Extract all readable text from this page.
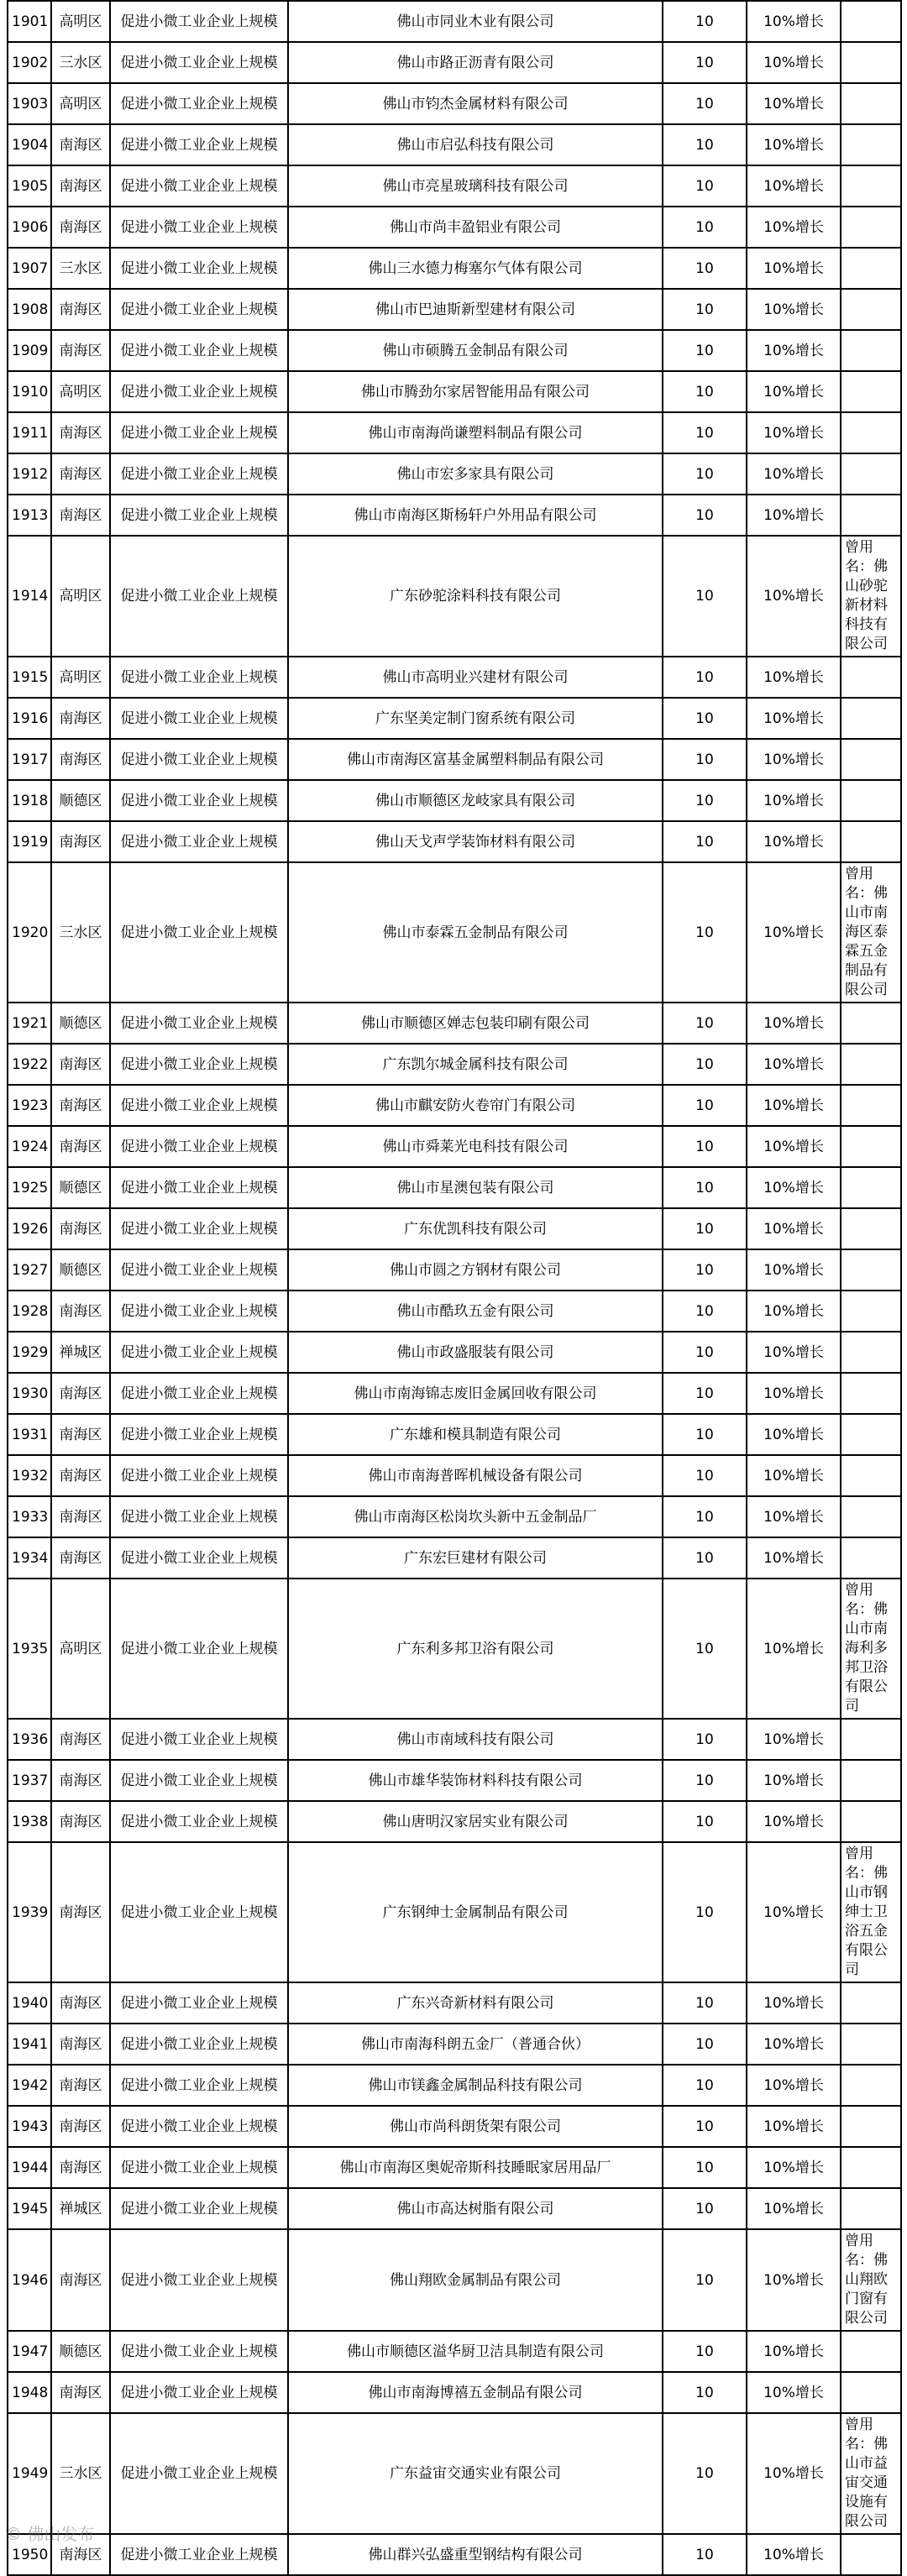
1901	高明区	促进小微工业企业上规模	佛山市同业木业有限公司	10	10%增长	
1902	三水区	促进小微工业企业上规模	佛山市路正沥青有限公司	10	10%增长	
1903	高明区	促进小微工业企业上规模	佛山市钧杰金属材料有限公司	10	10%增长	
1904	南海区	促进小微工业企业上规模	佛山市启弘科技有限公司	10	10%增长	
1905	南海区	促进小微工业企业上规模	佛山市亮星玻璃科技有限公司	10	10%增长	
1906	南海区	促进小微工业企业上规模	佛山市尚丰盈铝业有限公司	10	10%增长	
1907	三水区	促进小微工业企业上规模	佛山三水德力梅塞尔气体有限公司	10	10%增长	
1908	南海区	促进小微工业企业上规模	佛山市巴迪斯新型建材有限公司	10	10%增长	
1909	南海区	促进小微工业企业上规模	佛山市硕腾五金制品有限公司	10	10%增长	
1910	高明区	促进小微工业企业上规模	佛山市腾劲尔家居智能用品有限公司	10	10%增长	
1911	南海区	促进小微工业企业上规模	佛山市南海尚谦塑料制品有限公司	10	10%增长	
1912	南海区	促进小微工业企业上规模	佛山市宏多家具有限公司	10	10%增长	
1913	南海区	促进小微工业企业上规模	佛山市南海区斯杨轩户外用品有限公司	10	10%增长	
1914	高明区	促进小微工业企业上规模	广东砂驼涂料科技有限公司	10	10%增长	曾用名：佛山砂驼新材料科技有限公司
1915	高明区	促进小微工业企业上规模	佛山市高明业兴建材有限公司	10	10%增长	
1916	南海区	促进小微工业企业上规模	广东坚美定制门窗系统有限公司	10	10%增长	
1917	南海区	促进小微工业企业上规模	佛山市南海区富基金属塑料制品有限公司	10	10%增长	
1918	顺德区	促进小微工业企业上规模	佛山市顺德区龙岐家具有限公司	10	10%增长	
1919	南海区	促进小微工业企业上规模	佛山天戈声学装饰材料有限公司	10	10%增长	
1920	三水区	促进小微工业企业上规模	佛山市泰霖五金制品有限公司	10	10%增长	曾用名：佛山市南海区泰霖五金制品有限公司
1921	顺德区	促进小微工业企业上规模	佛山市顺德区婵志包装印刷有限公司	10	10%增长	
1922	南海区	促进小微工业企业上规模	广东凯尔城金属科技有限公司	10	10%增长	
1923	南海区	促进小微工业企业上规模	佛山市麒安防火卷帘门有限公司	10	10%增长	
1924	南海区	促进小微工业企业上规模	佛山市舜莱光电科技有限公司	10	10%增长	
1925	顺德区	促进小微工业企业上规模	佛山市星澳包装有限公司	10	10%增长	
1926	南海区	促进小微工业企业上规模	广东优凯科技有限公司	10	10%增长	
1927	顺德区	促进小微工业企业上规模	佛山市圆之方钢材有限公司	10	10%增长	
1928	南海区	促进小微工业企业上规模	佛山市酷玖五金有限公司	10	10%增长	
1929	禅城区	促进小微工业企业上规模	佛山市政盛服装有限公司	10	10%增长	
1930	南海区	促进小微工业企业上规模	佛山市南海锦志废旧金属回收有限公司	10	10%增长	
1931	南海区	促进小微工业企业上规模	广东雄和模具制造有限公司	10	10%增长	
1932	南海区	促进小微工业企业上规模	佛山市南海普晖机械设备有限公司	10	10%增长	
1933	南海区	促进小微工业企业上规模	佛山市南海区松岗坎头新中五金制品厂	10	10%增长	
1934	南海区	促进小微工业企业上规模	广东宏巨建材有限公司	10	10%增长	
1935	高明区	促进小微工业企业上规模	广东利多邦卫浴有限公司	10	10%增长	曾用名：佛山市南海利多邦卫浴有限公司
1936	南海区	促进小微工业企业上规模	佛山市南域科技有限公司	10	10%增长	
1937	南海区	促进小微工业企业上规模	佛山市雄华装饰材料科技有限公司	10	10%增长	
1938	南海区	促进小微工业企业上规模	佛山唐明汉家居实业有限公司	10	10%增长	
1939	南海区	促进小微工业企业上规模	广东钢绅士金属制品有限公司	10	10%增长	曾用名：佛山市钢绅士卫浴五金有限公司
1940	南海区	促进小微工业企业上规模	广东兴奇新材料有限公司	10	10%增长	
1941	南海区	促进小微工业企业上规模	佛山市南海科朗五金厂（普通合伙）	10	10%增长	
1942	南海区	促进小微工业企业上规模	佛山市镁鑫金属制品科技有限公司	10	10%增长	
1943	南海区	促进小微工业企业上规模	佛山市尚科朗货架有限公司	10	10%增长	
1944	南海区	促进小微工业企业上规模	佛山市南海区奥妮帝斯科技睡眠家居用品厂	10	10%增长	
1945	禅城区	促进小微工业企业上规模	佛山市高达树脂有限公司	10	10%增长	
1946	南海区	促进小微工业企业上规模	佛山翔欧金属制品有限公司	10	10%增长	曾用名：佛山翔欧门窗有限公司
1947	顺德区	促进小微工业企业上规模	佛山市顺德区溢华厨卫洁具制造有限公司	10	10%增长	
1948	南海区	促进小微工业企业上规模	佛山市南海博禧五金制品有限公司	10	10%增长	
1949	三水区	促进小微工业企业上规模	广东益宙交通实业有限公司	10	10%增长	曾用名：佛山市益宙交通设施有限公司
1950	南海区	促进小微工业企业上规模	佛山群兴弘盛重型钢结构有限公司	10	10%增长	
© 佛山发布
